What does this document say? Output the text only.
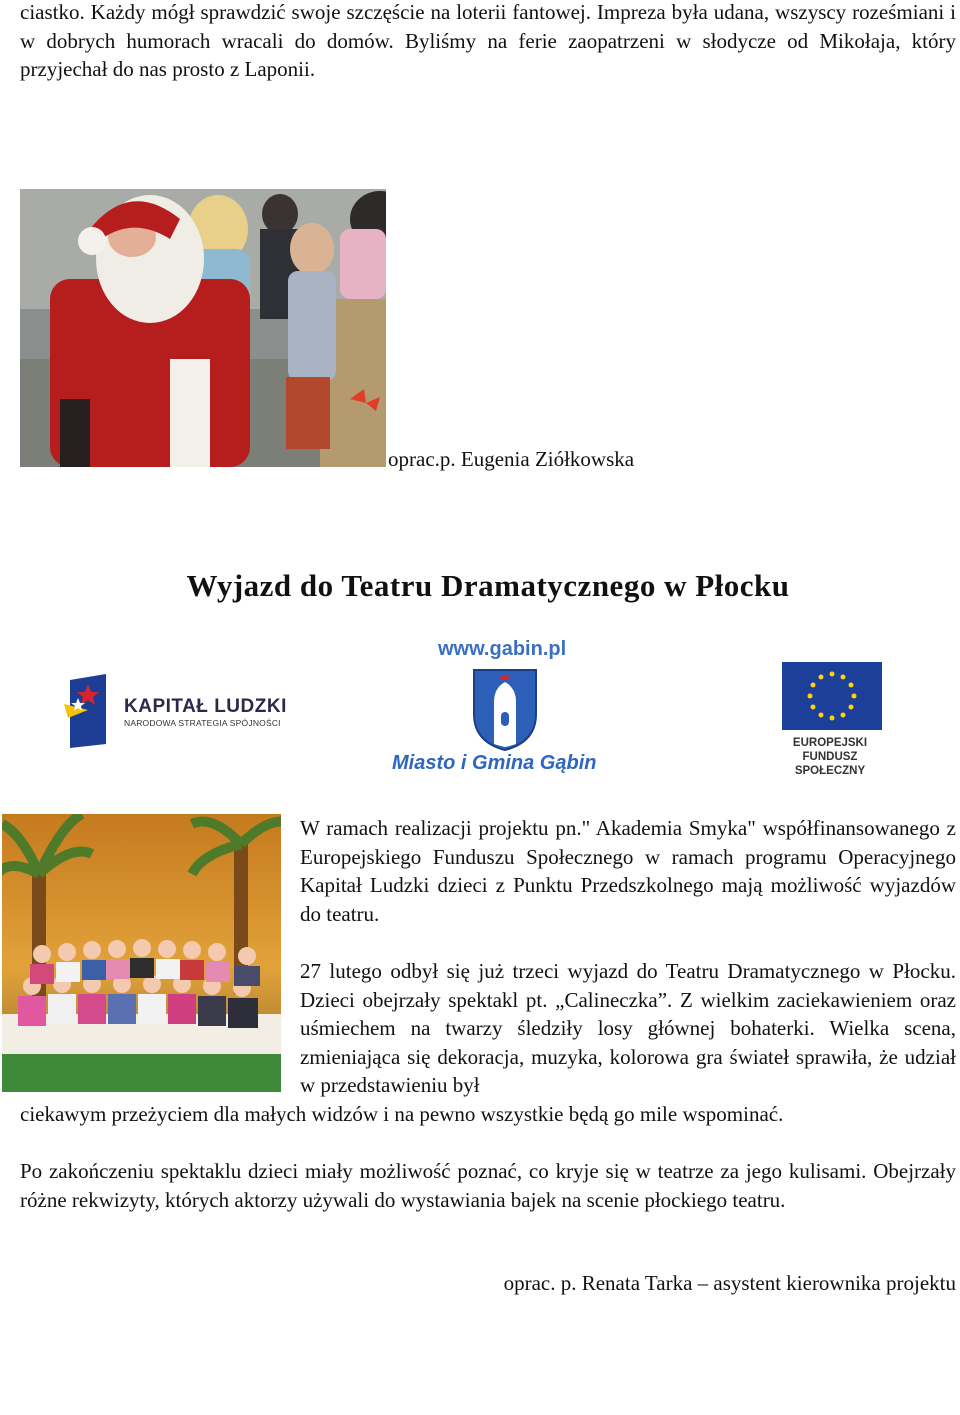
ciastko. Każdy mógł sprawdzić swoje szczęście na loterii fantowej. Impreza była udana, wszyscy roześmiani i w dobrych humorach wracali do domów. Byliśmy na ferie zaopatrzeni w słodycze od Mikołaja, który przyjechał do nas prosto z Laponii.

oprac.p. Eugenia Ziółkowska
Wyjazd do Teatru Dramatycznego w Płocku
KAPITAŁ LUDZKI
NARODOWA STRATEGIA SPÓJNOŚCI
www.gabin.pl
Miasto i Gmina Gąbin
EUROPEJSKI FUNDUSZ
SPOŁECZNY

W ramach realizacji projektu pn." Akademia Smyka" współfinansowanego z Europejskiego Funduszu Społecznego w ramach programu Operacyjnego Kapitał Ludzki dzieci z Punktu Przedszkolnego mają możliwość wyjazdów do teatru.

27 lutego odbył się już trzeci wyjazd do Teatru Dramatycznego w Płocku. Dzieci obejrzały spektakl pt. „Calineczka”. Z wielkim zaciekawieniem oraz uśmiechem na twarzy śledziły losy głównej bohaterki. Wielka scena, zmieniająca się dekoracja, muzyka, kolorowa gra świateł sprawiła, że udział w przedstawieniu był

ciekawym przeżyciem dla małych widzów i na pewno wszystkie będą go mile wspominać.

Po zakończeniu spektaklu dzieci miały możliwość poznać, co kryje się w teatrze za jego kulisami. Obejrzały różne rekwizyty, których aktorzy używali do wystawiania bajek na scenie płockiego teatru.

oprac. p. Renata Tarka – asystent kierownika projektu
